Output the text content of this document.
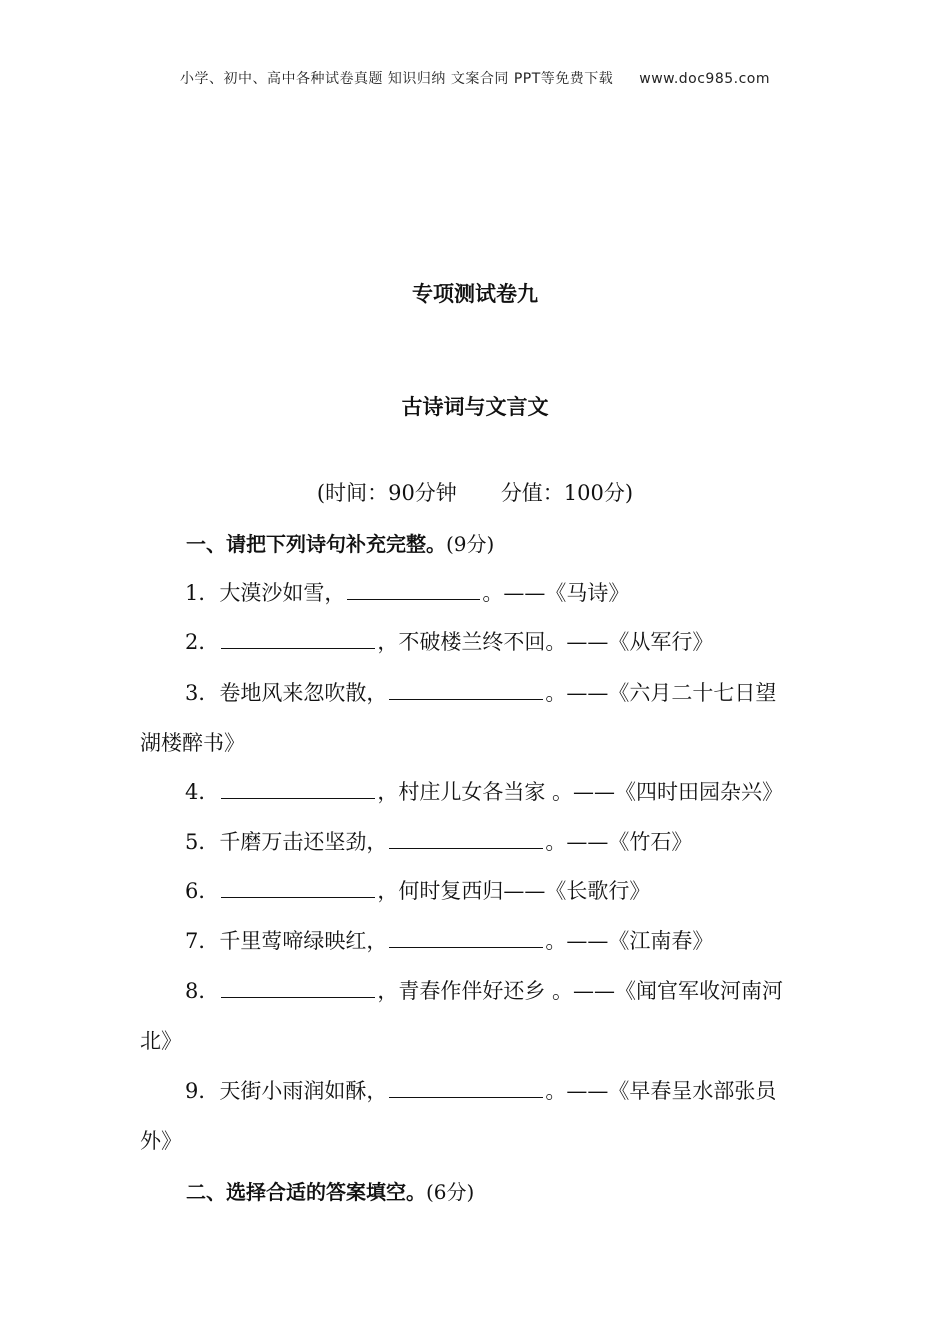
小学、初中、高中各种试卷真题 知识归纳 文案合同 PPT等免费下载 www.doc985.com
专项测试卷九
古诗词与文言文
(时间：90分钟 分值：100分)
一、请把下列诗句补充完整。(9分)
1．大漠沙如雪，	。——《马诗》
2．	，不破楼兰终不回。——《从军行》
3．卷地风来忽吹散，	。——《六月二十七日望
湖楼醉书》
4．	，村庄儿女各当家 。——《四时田园杂兴》
5．千磨万击还坚劲，	。——《竹石》
6．	，何时复西归——《长歌行》
7．千里莺啼绿映红，	。——《江南春》
8．	，青春作伴好还乡 。——《闻官军收河南河
北》
9．天街小雨润如酥，	。——《早春呈水部张员
外》
二、选择合适的答案填空。(6分)
